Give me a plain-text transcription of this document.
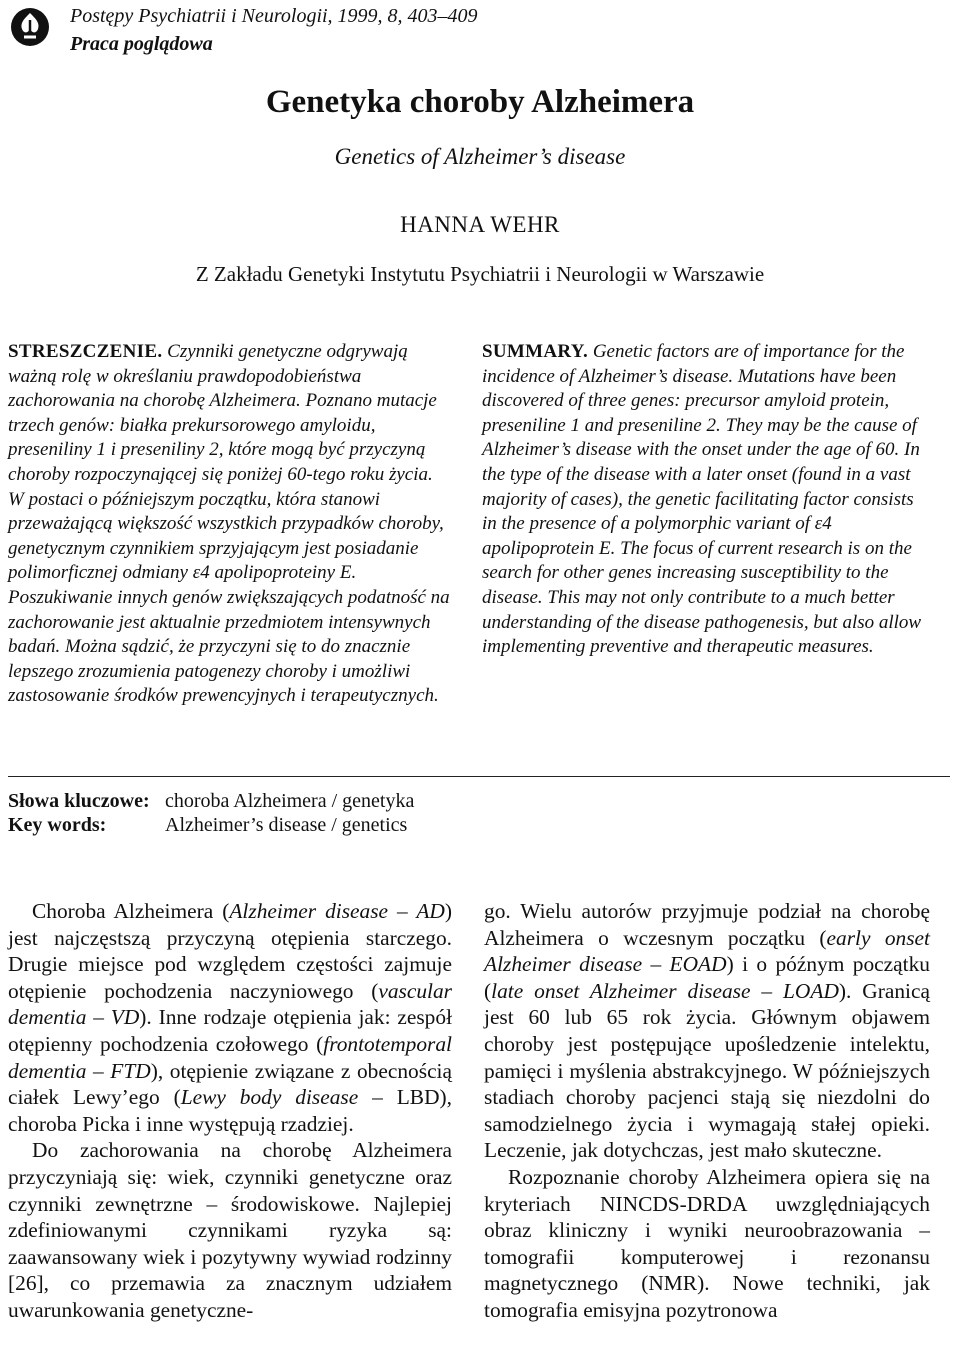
Postępy Psychiatrii i Neurologii, 1999, 8, 403–409
Praca poglądowa
Genetyka choroby Alzheimera
Genetics of Alzheimer’s disease
HANNA WEHR
Z Zakładu Genetyki Instytutu Psychiatrii i Neurologii w Warszawie
STRESZCZENIE. Czynniki genetyczne odgrywają ważną rolę w określaniu prawdopodobieństwa zachorowania na chorobę Alzheimera. Poznano mutacje trzech genów: białka prekursorowego amyloidu, preseniliny 1 i preseniliny 2, które mogą być przyczyną choroby rozpoczynającej się poniżej 60-tego roku życia. W postaci o późniejszym początku, która stanowi przeważającą większość wszystkich przypadków choroby, genetycznym czynnikiem sprzyjającym jest posiadanie polimorficznej odmiany ε4 apolipoproteiny E. Poszukiwanie innych genów zwiększających podatność na zachorowanie jest aktualnie przedmiotem intensywnych badań. Można sądzić, że przyczyni się to do znacznie lepszego zrozumienia patogenezy choroby i umożliwi zastosowanie środków prewencyjnych i terapeutycznych.
SUMMARY. Genetic factors are of importance for the incidence of Alzheimer’s disease. Mutations have been discovered of three genes: precursor amyloid protein, preseniline 1 and preseniline 2. They may be the cause of Alzheimer’s disease with the onset under the age of 60. In the type of the disease with a later onset (found in a vast majority of cases), the genetic facilitating factor consists in the presence of a polymorphic variant of ε4 apolipoprotein E. The focus of current research is on the search for other genes increasing susceptibility to the disease. This may not only contribute to a much better understanding of the disease pathogenesis, but also allow implementing preventive and therapeutic measures.
Słowa kluczowe: choroba Alzheimera / genetyka
Key words:	Alzheimer’s disease / genetics

Choroba Alzheimera (Alzheimer disease – AD) jest najczęstszą przyczyną otępienia starczego. Drugie miejsce pod względem częstości zajmuje otępienie pochodzenia naczyniowego (vascular dementia – VD). Inne rodzaje otępienia jak: zespół otępienny pochodzenia czołowego (frontotemporal dementia – FTD), otępienie związane z obecnością ciałek Lewy’ego (Lewy body disease – LBD), choroba Picka i inne występują rzadziej.

Do zachorowania na chorobę Alzheimera przyczyniają się: wiek, czynniki genetyczne oraz czynniki zewnętrzne – środowiskowe. Najlepiej zdefiniowanymi czynnikami ryzyka są: zaawansowany wiek i pozytywny wywiad rodzinny [26], co przemawia za znacznym udziałem uwarunkowania genetyczne-

go. Wielu autorów przyjmuje podział na chorobę Alzheimera o wczesnym początku (early onset Alzheimer disease – EOAD) i o późnym początku (late onset Alzheimer disease – LOAD). Granicą jest 60 lub 65 rok życia. Głównym objawem choroby jest postępujące upośledzenie intelektu, pamięci i myślenia abstrakcyjnego. W późniejszych stadiach choroby pacjenci stają się niezdolni do samodzielnego życia i wymagają stałej opieki. Leczenie, jak dotychczas, jest mało skuteczne.

Rozpoznanie choroby Alzheimera opiera się na kryteriach NINCDS-DRDA uwzględniających obraz kliniczny i wyniki neuroobrazowania – tomografii komputerowej i rezonansu magnetycznego (NMR). Nowe techniki, jak tomografia emisyjna pozytronowa
